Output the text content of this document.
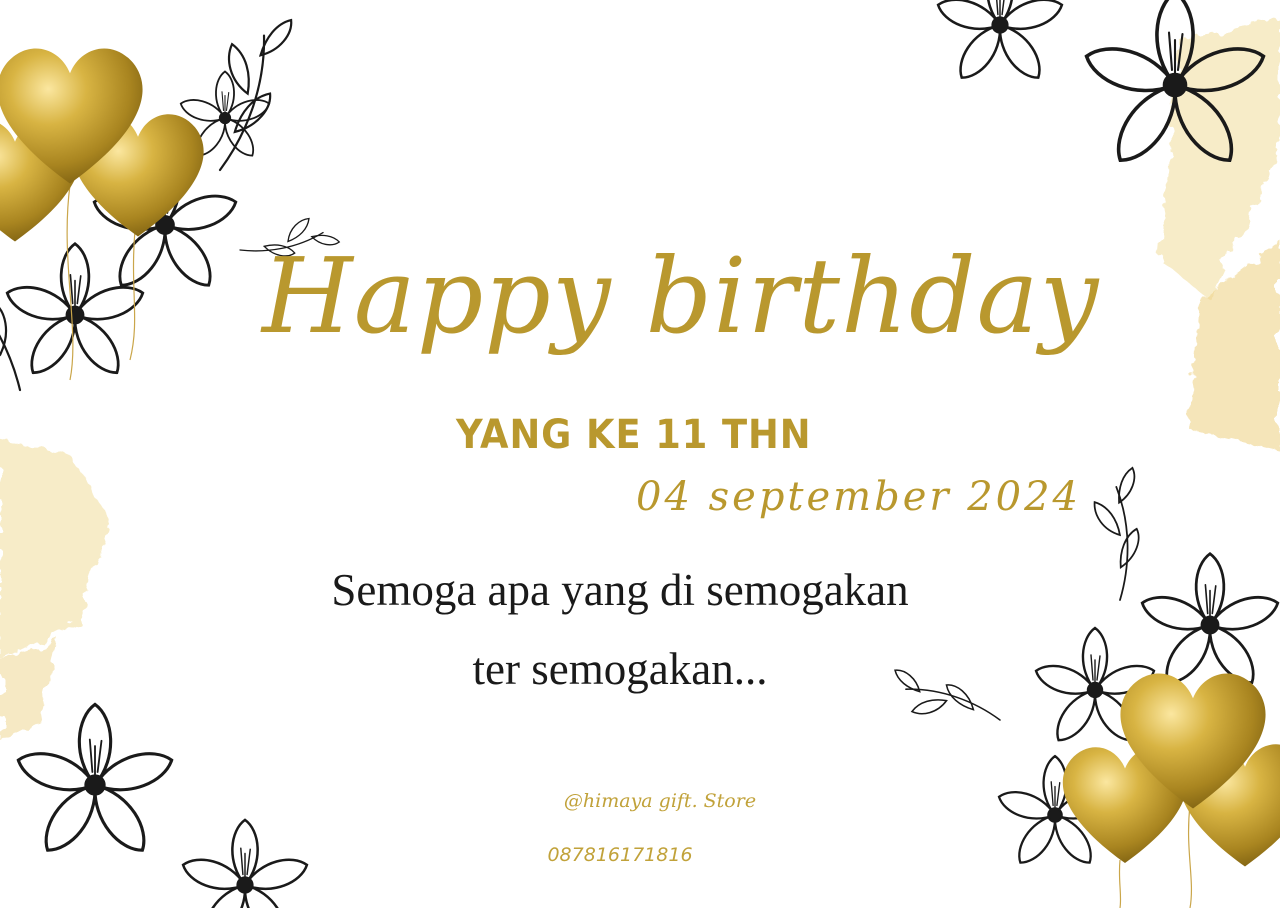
Happy birthday
YANG KE 11 THN
04 september 2024
Semoga apa yang di semogakan
ter semogakan...
@himaya gift. Store
087816171816
